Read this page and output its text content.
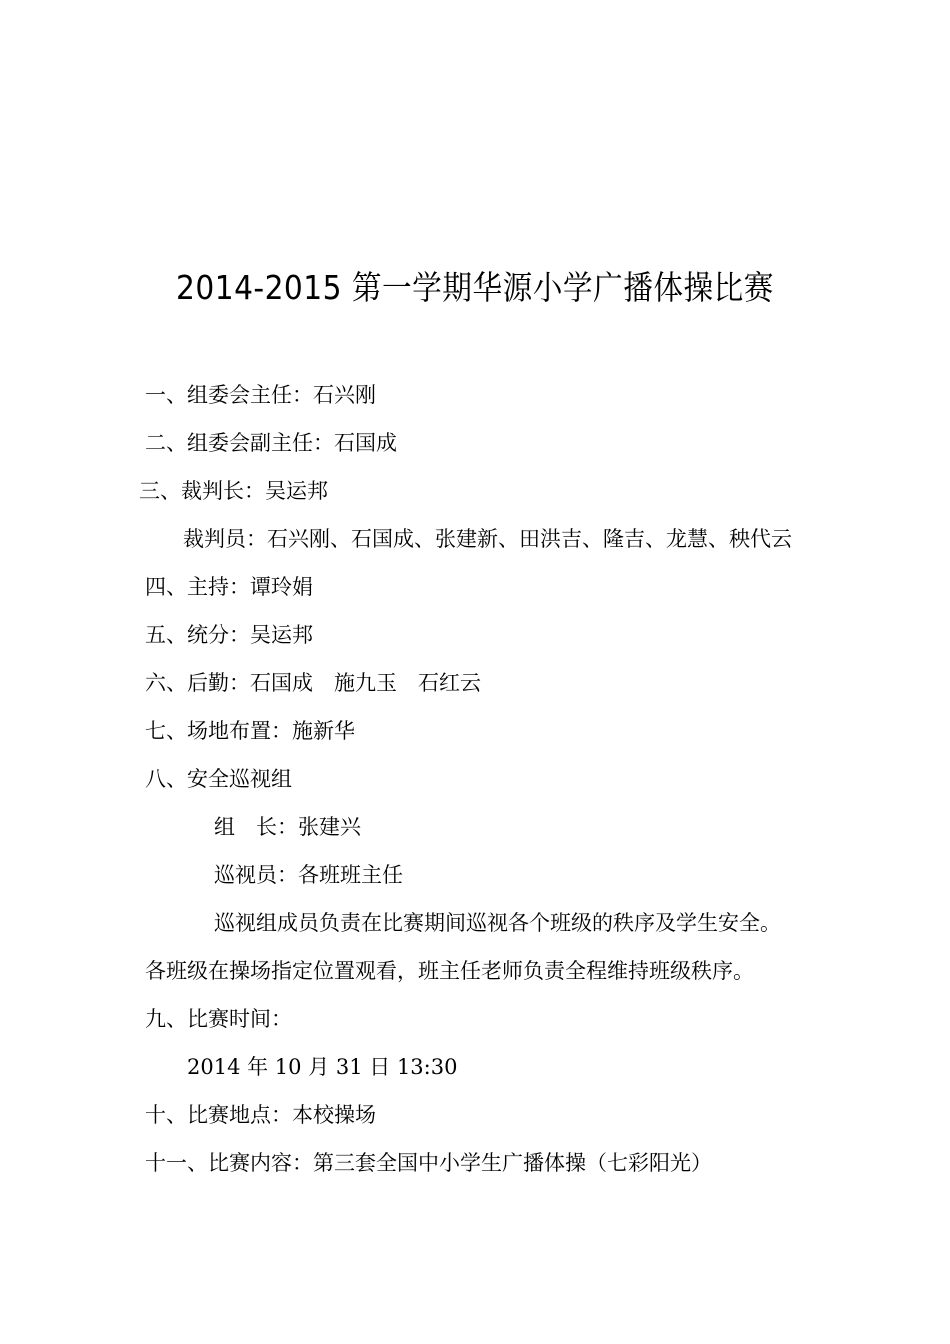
2014-2015 第一学期华源小学广播体操比赛
一、组委会主任：石兴刚
二、组委会副主任：石国成
三、裁判长：吴运邦
裁判员：石兴刚、石国成、张建新、田洪吉、隆吉、龙慧、秧代云
四、主持：谭玲娟
五、统分：吴运邦
六、后勤：石国成　施九玉　石红云
七、场地布置：施新华
八、安全巡视组
组　长：张建兴
巡视员：各班班主任
巡视组成员负责在比赛期间巡视各个班级的秩序及学生安全。
各班级在操场指定位置观看，班主任老师负责全程维持班级秩序。
九、比赛时间：
2014 年 10 月 31 日 13:30
十、比赛地点：本校操场
十一、比赛内容：第三套全国中小学生广播体操（七彩阳光）
